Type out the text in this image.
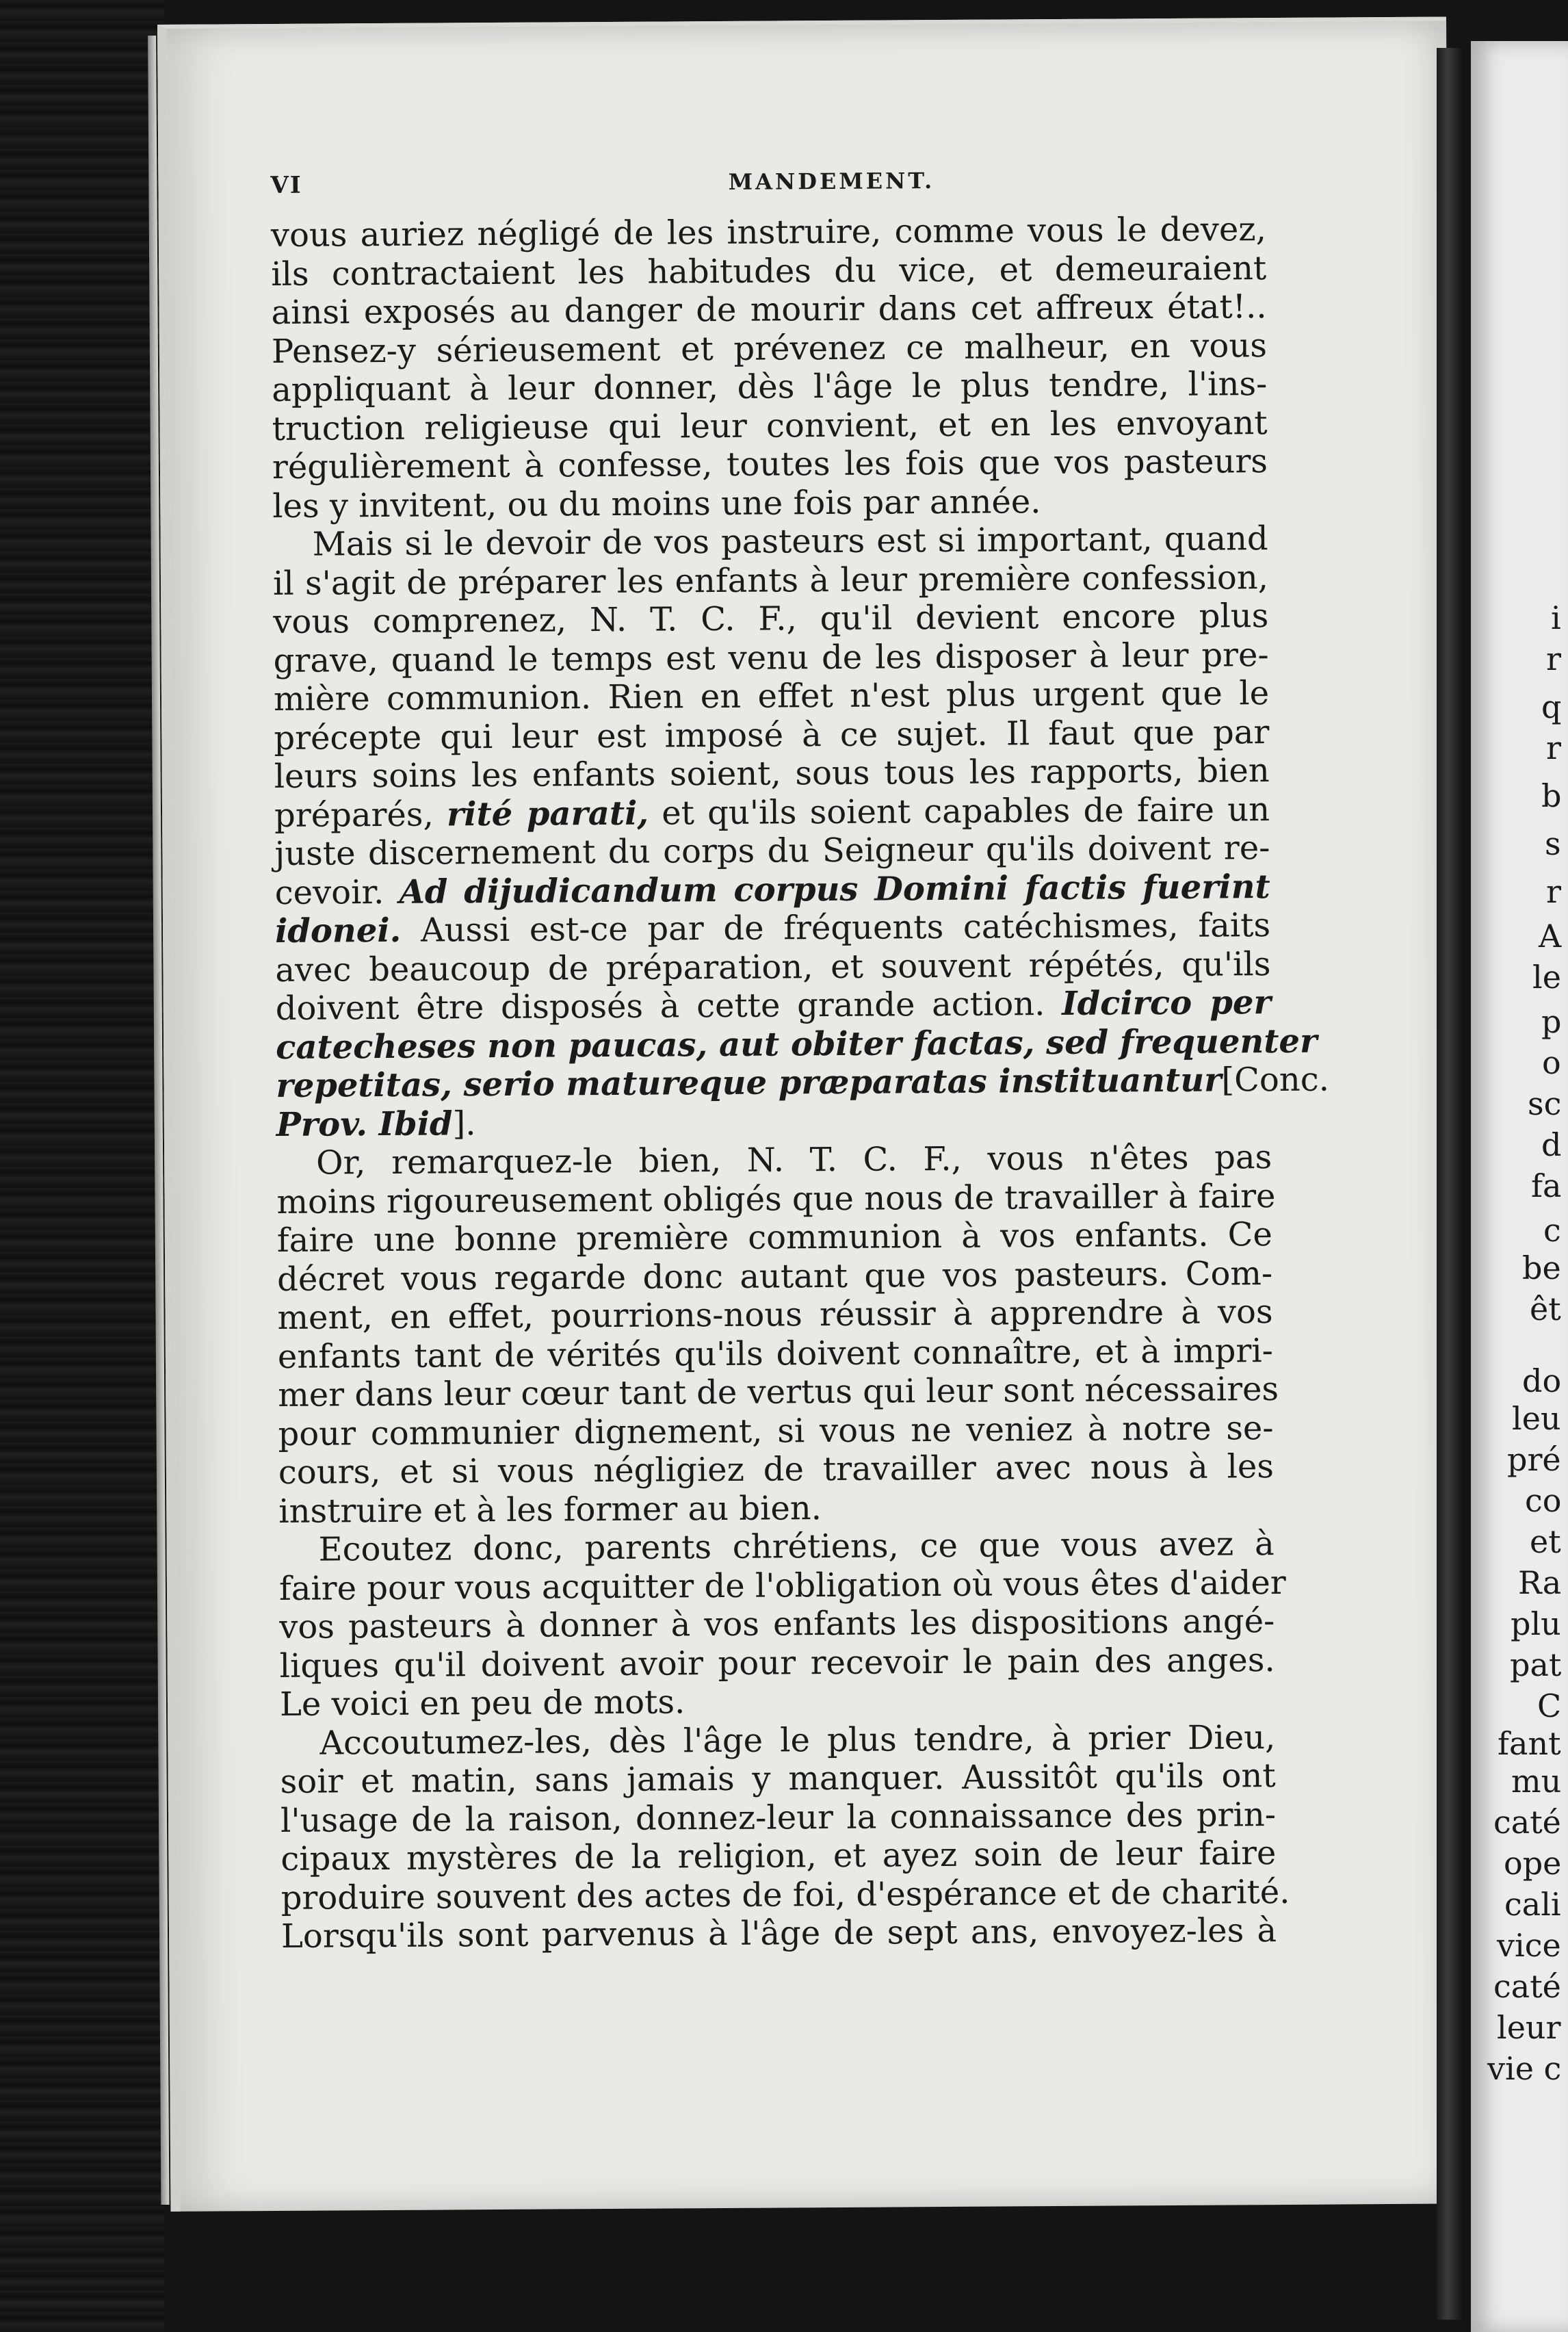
VI	MANDEMENT.

vous auriez négligé de les instruire, comme vous le devez,

ils contractaient les habitudes du vice, et demeuraient

ainsi exposés au danger de mourir dans cet affreux état!..

Pensez-y sérieusement et prévenez ce malheur, en vous

appliquant à leur donner, dès l'âge le plus tendre, l'ins-

truction religieuse qui leur convient, et en les envoyant

régulièrement à confesse, toutes les fois que vos pasteurs

les y invitent, ou du moins une fois par année.

Mais si le devoir de vos pasteurs est si important, quand

il s'agit de préparer les enfants à leur première confession,

vous comprenez, N. T. C. F., qu'il devient encore plus

grave, quand le temps est venu de les disposer à leur pre-

mière communion. Rien en effet n'est plus urgent que le

précepte qui leur est imposé à ce sujet. Il faut que par

leurs soins les enfants soient, sous tous les rapports, bien

préparés, rité parati, et qu'ils soient capables de faire un

juste discernement du corps du Seigneur qu'ils doivent re-

cevoir. Ad dijudicandum corpus Domini factis fuerint

idonei. Aussi est-ce par de fréquents catéchismes, faits

avec beaucoup de préparation, et souvent répétés, qu'ils

doivent être disposés à cette grande action. Idcirco per

catecheses non paucas, aut obiter factas, sed frequenter

repetitas, serio matureque præparatas instituantur[Conc.

Prov. Ibid].

Or, remarquez-le bien, N. T. C. F., vous n'êtes pas

moins rigoureusement obligés que nous de travailler à faire

faire une bonne première communion à vos enfants. Ce

décret vous regarde donc autant que vos pasteurs. Com-

ment, en effet, pourrions-nous réussir à apprendre à vos

enfants tant de vérités qu'ils doivent connaître, et à impri-

mer dans leur cœur tant de vertus qui leur sont nécessaires

pour communier dignement, si vous ne veniez à notre se-

cours, et si vous négligiez de travailler avec nous à les

instruire et à les former au bien.

Ecoutez donc, parents chrétiens, ce que vous avez à

faire pour vous acquitter de l'obligation où vous êtes d'aider

vos pasteurs à donner à vos enfants les dispositions angé-

liques qu'il doivent avoir pour recevoir le pain des anges.

Le voici en peu de mots.

Accoutumez-les, dès l'âge le plus tendre, à prier Dieu,

soir et matin, sans jamais y manquer. Aussitôt qu'ils ont

l'usage de la raison, donnez-leur la connaissance des prin-

cipaux mystères de la religion, et ayez soin de leur faire

produire souvent des actes de foi, d'espérance et de charité.

Lorsqu'ils sont parvenus à l'âge de sept ans, envoyez-les à

i
r
q
r
b
s
r
A
le
p
o
sc
d
fa
c
be
êt
do
leu
pré
co
et
Ra
plu
pat
C
fant
mu
caté
ope
cali
vice
caté
leur
vie c
